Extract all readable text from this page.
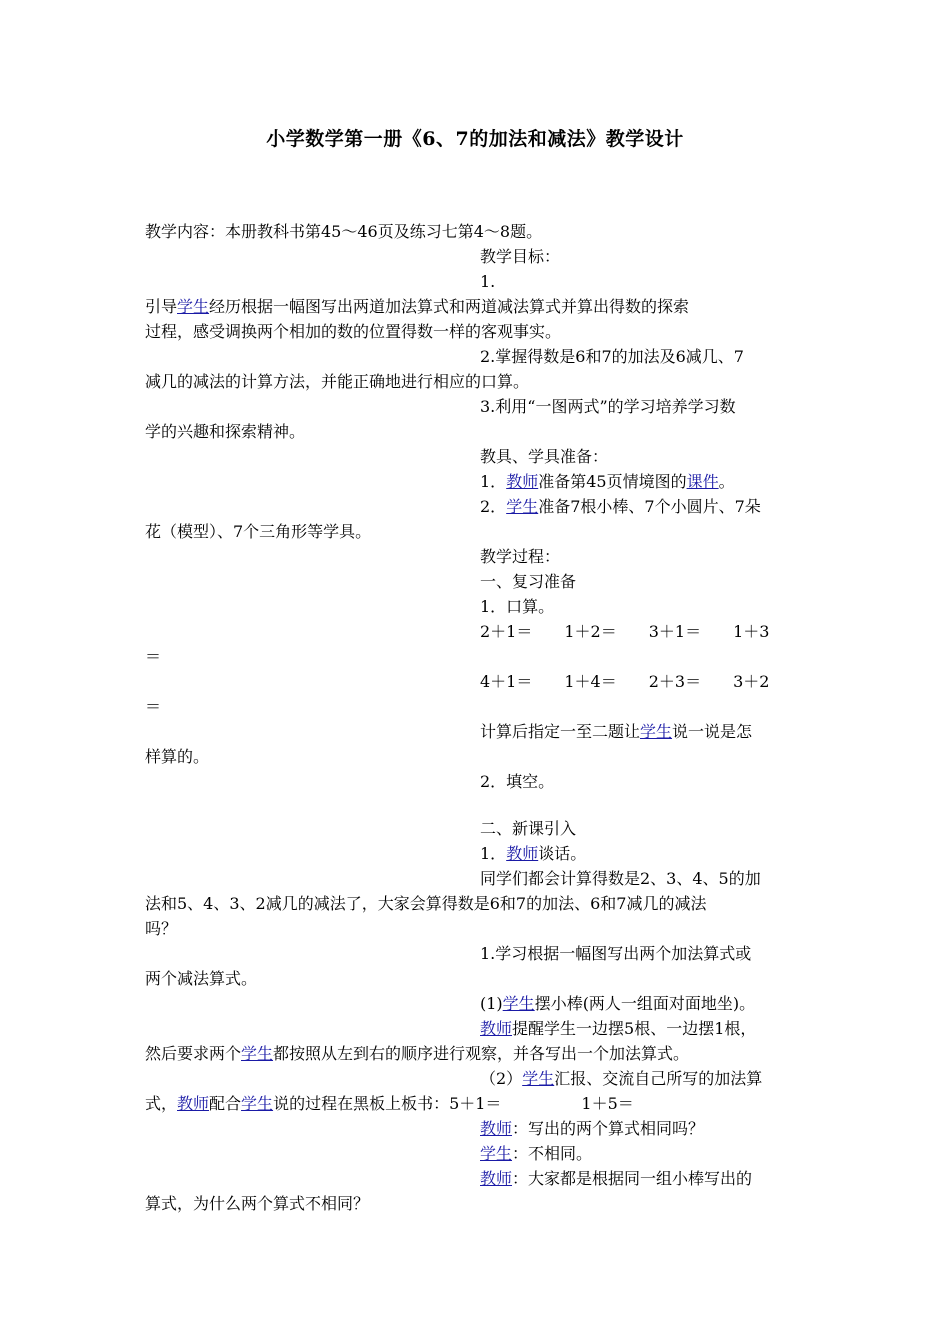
小学数学第一册《6、7的加法和减法》教学设计
教学内容：本册教科书第45～46页及练习七第4～8题。
教学目标：
1.
引导学生经历根据一幅图写出两道加法算式和两道减法算式并算出得数的探索
过程，感受调换两个相加的数的位置得数一样的客观事实。
2.掌握得数是6和7的加法及6减几、7
减几的减法的计算方法，并能正确地进行相应的口算。
3.利用“一图两式”的学习培养学习数
学的兴趣和探索精神。
教具、学具准备：
1．教师准备第45页情境图的课件。
2．学生准备7根小棒、7个小圆片、7朵
花（模型）、7个三角形等学具。
教学过程：
一、复习准备
1．口算。
2＋1＝　　1＋2＝　　3＋1＝　　1＋3
＝
4＋1＝　　1＋4＝　　2＋3＝　　3＋2
＝
计算后指定一至二题让学生说一说是怎
样算的。
2．填空。
二、新课引入
1．教师谈话。
同学们都会计算得数是2、3、4、5的加
法和5、4、3、2减几的减法了，大家会算得数是6和7的加法、6和7减几的减法
吗？
1.学习根据一幅图写出两个加法算式或
两个减法算式。
(1)学生摆小棒(两人一组面对面地坐)。
教师提醒学生一边摆5根、一边摆1根，
然后要求两个学生都按照从左到右的顺序进行观察，并各写出一个加法算式。
（2）学生汇报、交流自己所写的加法算
式，教师配合学生说的过程在黑板上板书：5＋1＝　　　　　1＋5＝
教师：写出的两个算式相同吗？
学生：不相同。
教师：大家都是根据同一组小棒写出的
算式，为什么两个算式不相同？
